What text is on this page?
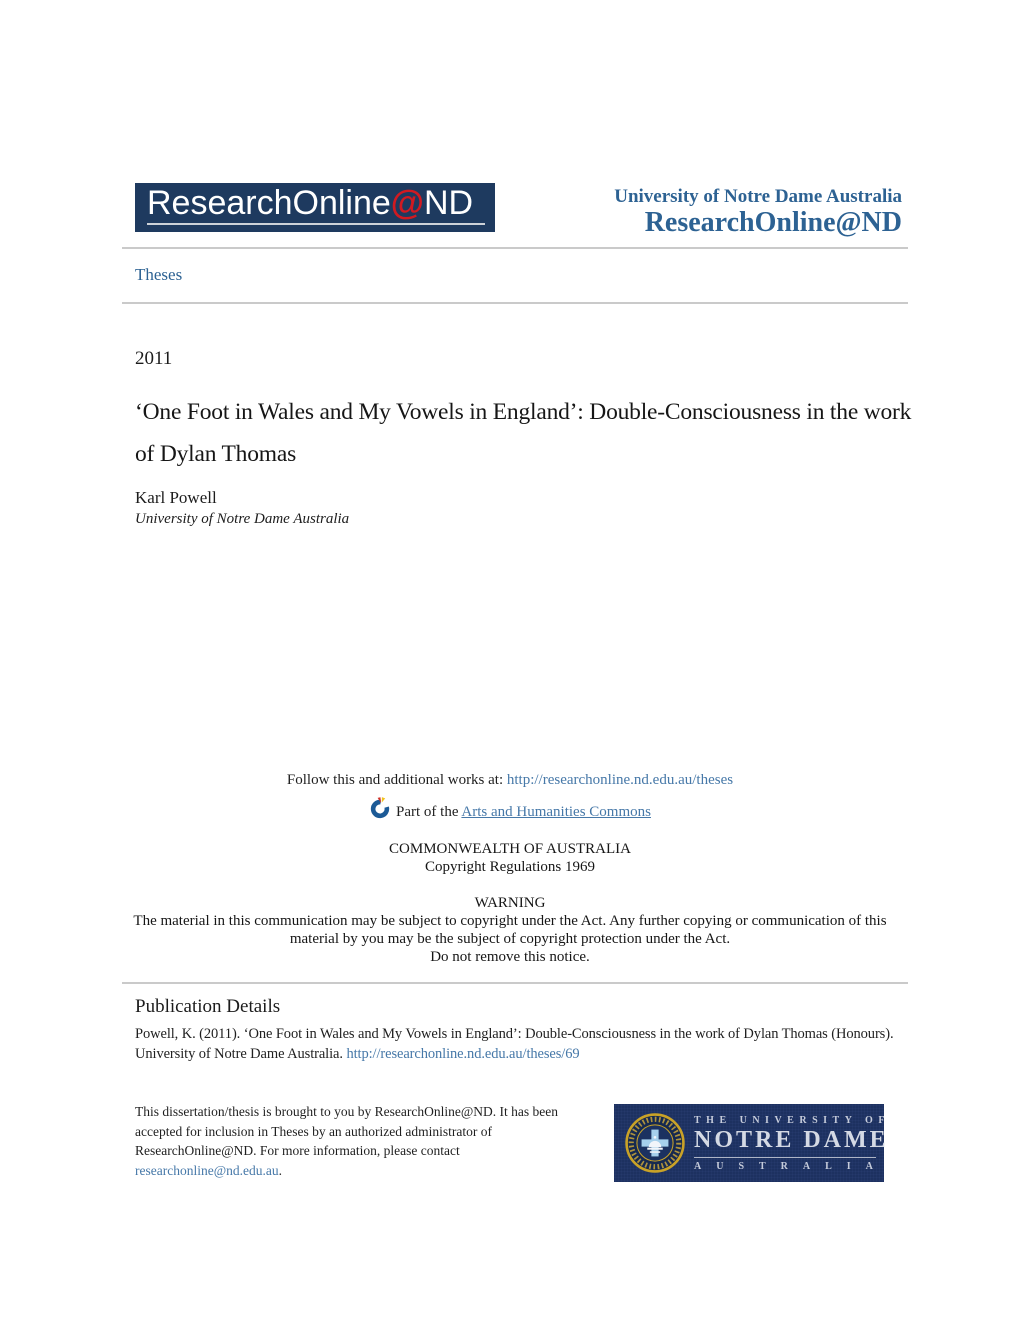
ResearchOnline@ND	University of Notre Dame Australia
ResearchOnline@ND
Theses
2011
‘One Foot in Wales and My Vowels in England’: Double-Consciousness in the work of Dylan Thomas
Karl Powell
University of Notre Dame Australia
Follow this and additional works at: http://researchonline.nd.edu.au/theses
Part of the Arts and Humanities Commons
COMMONWEALTH OF AUSTRALIA
Copyright Regulations 1969
WARNING
The material in this communication may be subject to copyright under the Act. Any further copying or communication of this material by you may be the subject of copyright protection under the Act.
Do not remove this notice.
Publication Details
Powell, K. (2011). ‘One Foot in Wales and My Vowels in England’: Double-Consciousness in the work of Dylan Thomas (Honours). University of Notre Dame Australia. http://researchonline.nd.edu.au/theses/69
This dissertation/thesis is brought to you by ResearchOnline@ND. It has been accepted for inclusion in Theses by an authorized administrator of ResearchOnline@ND. For more information, please contact researchonline@nd.edu.au.
THE UNIVERSITY OF
NOTRE DAME
AUSTRALIA
